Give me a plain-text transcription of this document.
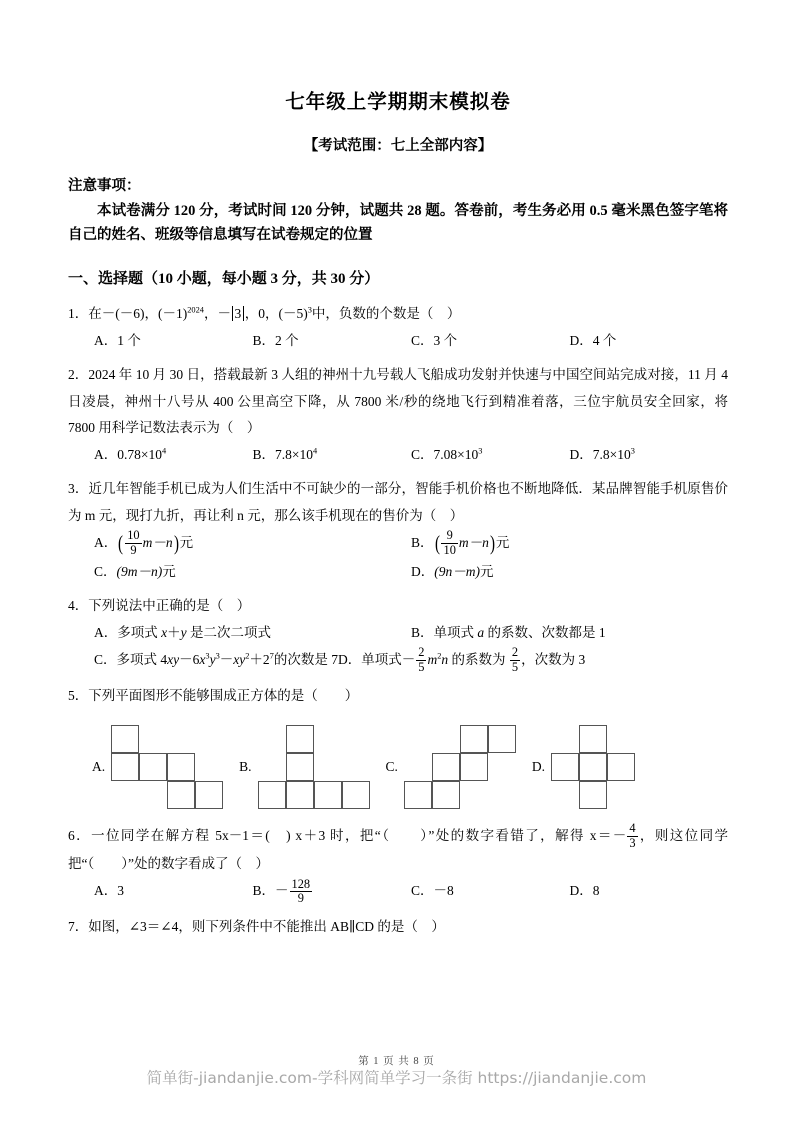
七年级上学期期末模拟卷
【考试范围：七上全部内容】
注意事项：
本试卷满分 120 分，考试时间 120 分钟，试题共 28 题。答卷前，考生务必用 0.5 毫米黑色签字笔将自己的姓名、班级等信息填写在试卷规定的位置
一、选择题（10 小题，每小题 3 分，共 30 分）

1．在－(－6)，$(-1)^{2024}$，－ 3 ，0，$(-5)^3$中，负数的个数是（　）

A．1 个	B．2 个	C．3 个	D．4 个

2．2024 年 10 月 30 日，搭载最新 3 人组的神州十九号载人飞船成功发射并快速与中国空间站完成对接，11 月 4 日凌晨，神州十八号从 400 公里高空下降，从 7800 米/秒的绕地飞行到精准着落，三位宇航员安全回家，将 7800 用科学记数法表示为（　）

A．$0.78\times 10^4$	B．$7.8\times 10^4$	C．$7.08\times 10^3$	D．$7.8\times 10^3$

3．近几年智能手机已成为人们生活中不可缺少的一部分，智能手机价格也不断地降低．某品牌智能手机原售价为 m 元，现打九折，再让利 n 元，那么该手机现在的售价为（　）

A．( $\frac{10}{9} m-n$)元	B．( $\frac{9}{10} m-n$)元
C．(9m－n)元	D．(9n－m)元

4．下列说法中正确的是（　）

A．多项式 x＋y 是二次二项式	B．单项式 a 的系数、次数都是 1
C．多项式 $4xy-6x^3y^3-xy^2+2^7$的次数是 7 D．单项式－ $\frac{2}{5} m^2n$ 的系数为 $\frac{2}{5}$ ，次数为 3

5．下列平面图形不能够围成正方体的是（　　）

A.	B.	C.	D.

6．一位同学在解方程 5x－1＝(　) x＋3 时，把“（　　）”处的数字看错了，解得 $x=- \frac{4}{3}$ ，则这位同学把“（　　）”处的数字看成了（　）

A．3	B．－ $\frac{128}{9}$	C．－8	D．8

7．如图，∠3＝∠4，则下列条件中不能推出 AB∥CD 的是（　）

第 1 页 共 8 页
简单街-jiandanjie.com-学科网简单学习一条街 https://jiandanjie.com
